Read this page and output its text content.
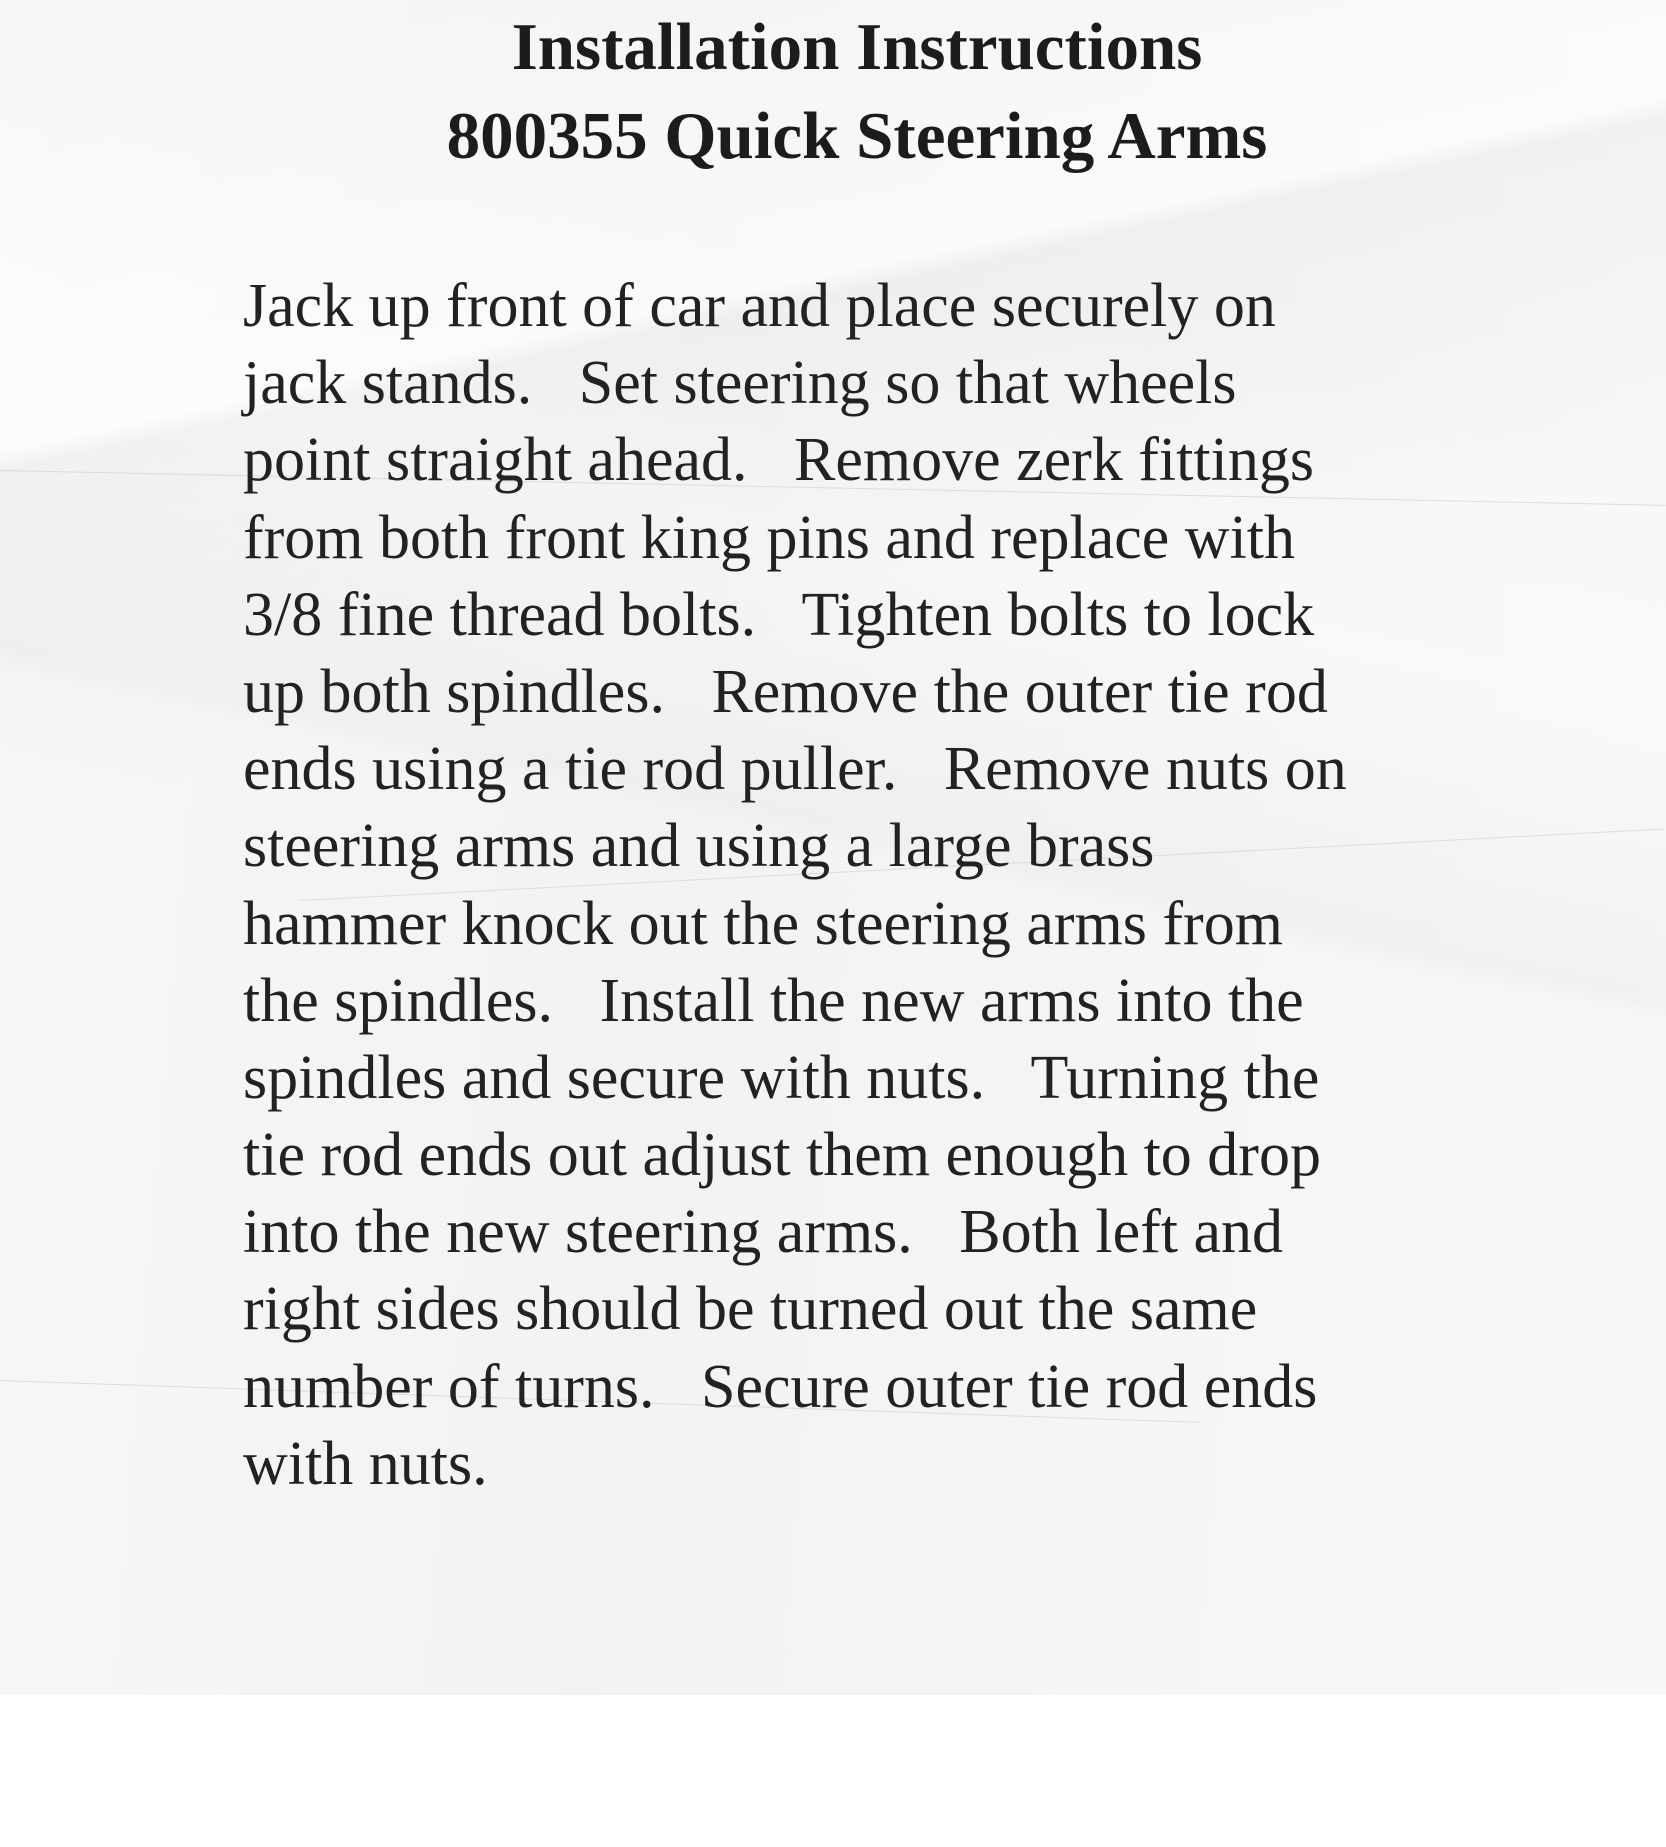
Installation Instructions
800355 Quick Steering Arms
Jack up front of car and place securely on
jack stands.   Set steering so that wheels
point straight ahead.   Remove zerk fittings
from both front king pins and replace with
3/8 fine thread bolts.   Tighten bolts to lock
up both spindles.   Remove the outer tie rod
ends using a tie rod puller.   Remove nuts on
steering arms and using a large brass
hammer knock out the steering arms from
the spindles.   Install the new arms into the
spindles and secure with nuts.   Turning the
tie rod ends out adjust them enough to drop
into the new steering arms.   Both left and
right sides should be turned out the same
number of turns.   Secure outer tie rod ends
with nuts.
